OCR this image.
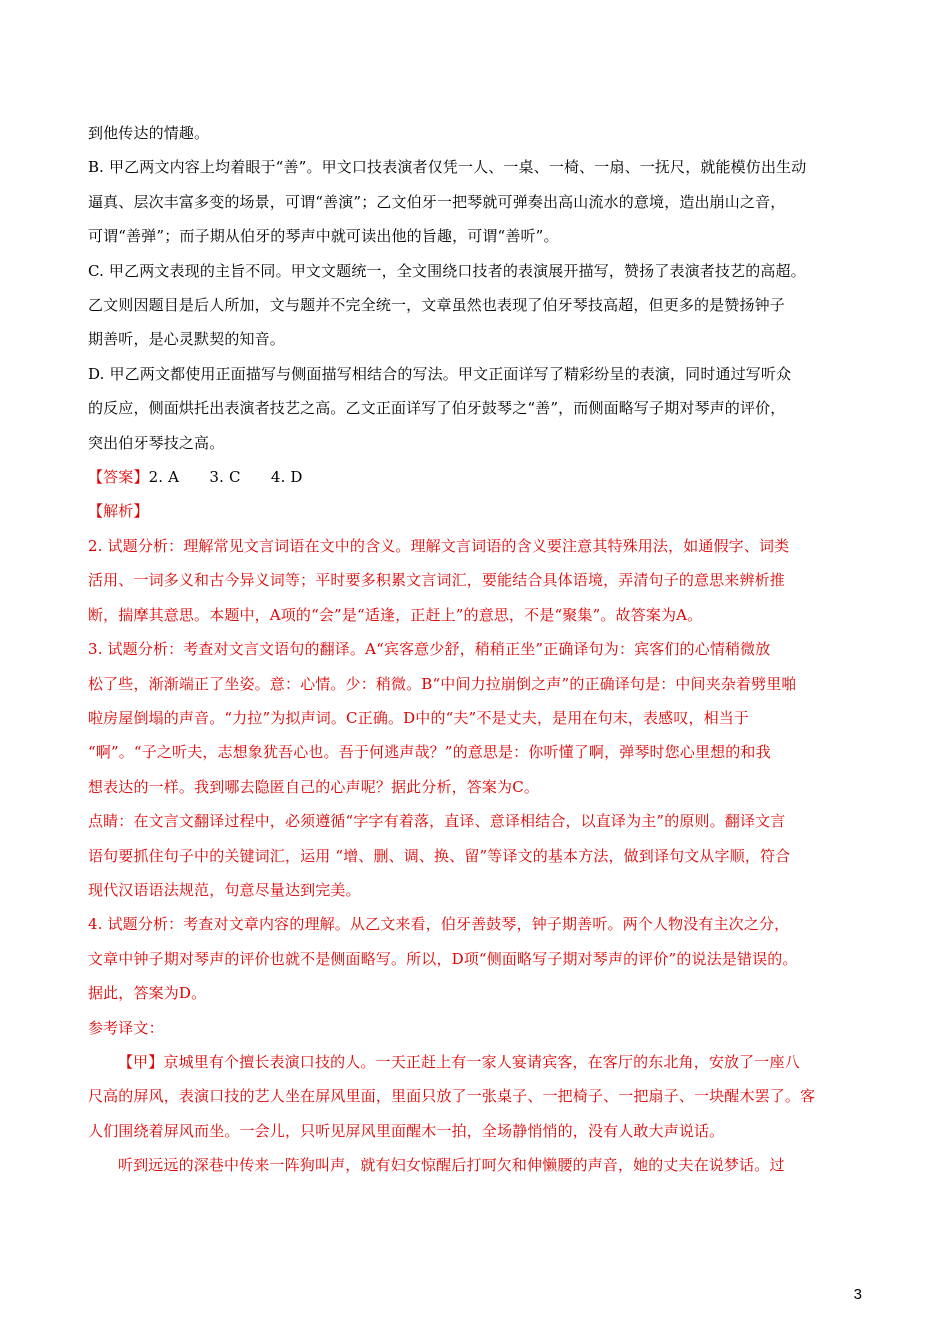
到他传达的情趣。

B. 甲乙两文内容上均着眼于“善”。甲文口技表演者仅凭一人、一桌、一椅、一扇、一抚尺，就能模仿出生动

逼真、层次丰富多变的场景，可谓“善演”；乙文伯牙一把琴就可弹奏出高山流水的意境，造出崩山之音，

可谓“善弹”；而子期从伯牙的琴声中就可读出他的旨趣，可谓“善听”。

C. 甲乙两文表现的主旨不同。甲文文题统一，全文围绕口技者的表演展开描写，赞扬了表演者技艺的高超。

乙文则因题目是后人所加，文与题并不完全统一，文章虽然也表现了伯牙琴技高超，但更多的是赞扬钟子

期善听，是心灵默契的知音。

D. 甲乙两文都使用正面描写与侧面描写相结合的写法。甲文正面详写了精彩纷呈的表演，同时通过写听众

的反应，侧面烘托出表演者技艺之高。乙文正面详写了伯牙鼓琴之“善”，而侧面略写子期对琴声的评价，

突出伯牙琴技之高。

【答案】2. A　　3. C　　4. D

【解析】

2. 试题分析：理解常见文言词语在文中的含义。理解文言词语的含义要注意其特殊用法，如通假字、词类

活用、一词多义和古今异义词等；平时要多积累文言词汇，要能结合具体语境，弄清句子的意思来辨析推

断，揣摩其意思。本题中，A项的“会”是“适逢，正赶上”的意思，不是“聚集”。故答案为A。

3. 试题分析：考查对文言文语句的翻译。A“宾客意少舒，稍稍正坐”正确译句为：宾客们的心情稍微放

松了些，渐渐端正了坐姿。意：心情。少：稍微。B“中间力拉崩倒之声”的正确译句是：中间夹杂着劈里啪

啦房屋倒塌的声音。“力拉”为拟声词。C正确。D中的“夫”不是丈夫，是用在句末，表感叹，相当于

“啊”。“子之听夫，志想象犹吾心也。吾于何逃声哉？”的意思是：你听懂了啊，弹琴时您心里想的和我

想表达的一样。我到哪去隐匿自己的心声呢？据此分析，答案为C。

点睛：在文言文翻译过程中，必须遵循“字字有着落，直译、意译相结合，以直译为主”的原则。翻译文言

语句要抓住句子中的关键词汇，运用 “增、删、调、换、留”等译文的基本方法，做到译句文从字顺，符合

现代汉语语法规范，句意尽量达到完美。

4. 试题分析：考查对文章内容的理解。从乙文来看，伯牙善鼓琴，钟子期善听。两个人物没有主次之分，

文章中钟子期对琴声的评价也就不是侧面略写。所以，D项“侧面略写子期对琴声的评价”的说法是错误的。

据此，答案为D。

参考译文：

【甲】京城里有个擅长表演口技的人。一天正赶上有一家人宴请宾客，在客厅的东北角，安放了一座八

尺高的屏风，表演口技的艺人坐在屏风里面，里面只放了一张桌子、一把椅子、一把扇子、一块醒木罢了。客

人们围绕着屏风而坐。一会儿，只听见屏风里面醒木一拍，全场静悄悄的，没有人敢大声说话。

听到远远的深巷中传来一阵狗叫声，就有妇女惊醒后打呵欠和伸懒腰的声音，她的丈夫在说梦话。过

3
